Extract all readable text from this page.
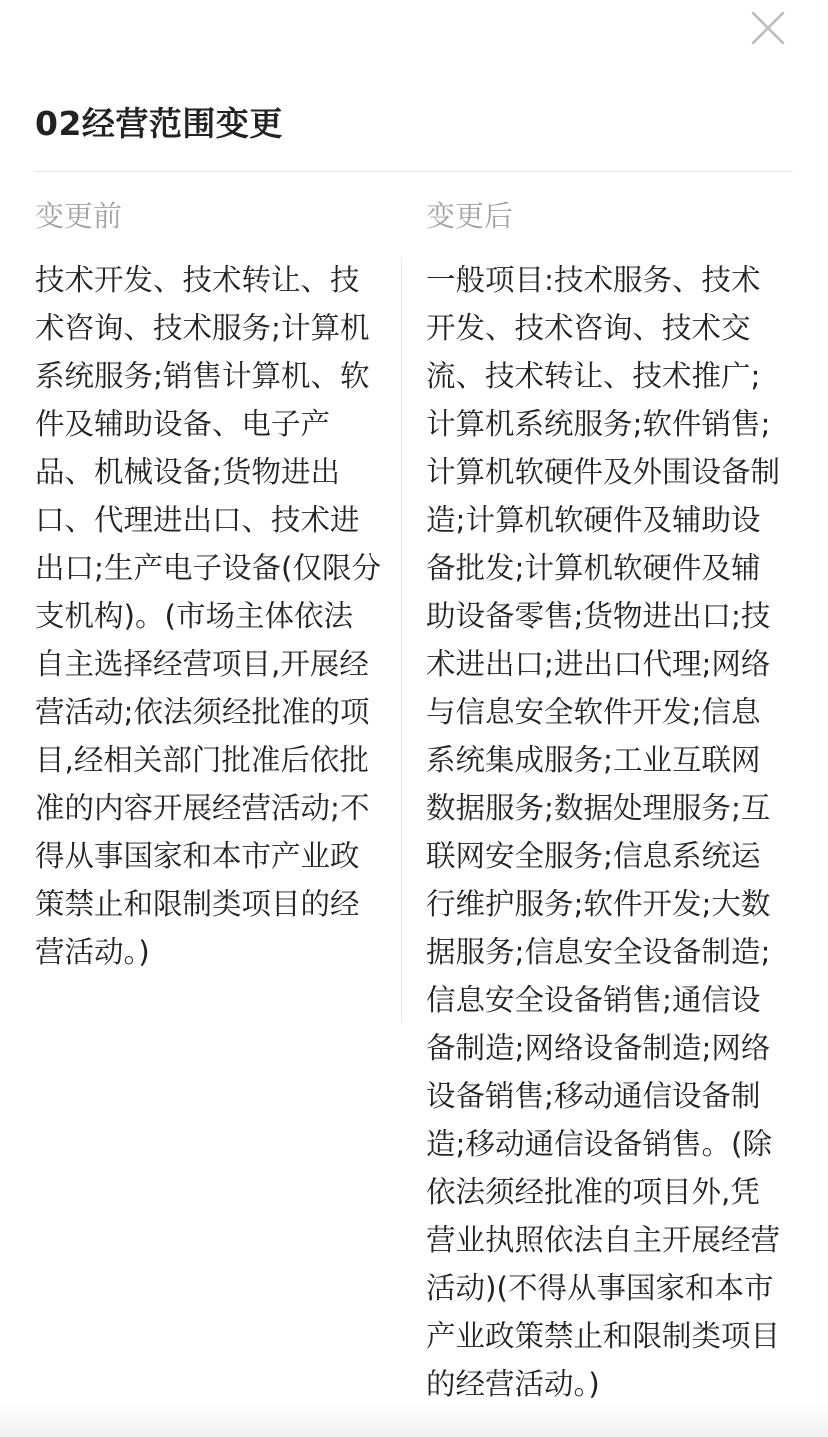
02经营范围变更
变更前	变更后

技术开发、技术转让、技术咨询、技术服务;计算机系统服务;销售计算机、软件及辅助设备、电子产品、机械设备;货物进出口、代理进出口、技术进出口;生产电子设备(仅限分支机构)。(市场主体依法自主选择经营项目,开展经营活动;依法须经批准的项目,经相关部门批准后依批准的内容开展经营活动;不得从事国家和本市产业政策禁止和限制类项目的经营活动。)

一般项目:技术服务、技术开发、技术咨询、技术交流、技术转让、技术推广;计算机系统服务;软件销售;计算机软硬件及外围设备制造;计算机软硬件及辅助设备批发;计算机软硬件及辅助设备零售;货物进出口;技术进出口;进出口代理;网络与信息安全软件开发;信息系统集成服务;工业互联网数据服务;数据处理服务;互联网安全服务;信息系统运行维护服务;软件开发;大数据服务;信息安全设备制造;信息安全设备销售;通信设备制造;网络设备制造;网络设备销售;移动通信设备制造;移动通信设备销售。(除依法须经批准的项目外,凭营业执照依法自主开展经营活动)(不得从事国家和本市产业政策禁止和限制类项目的经营活动。)
